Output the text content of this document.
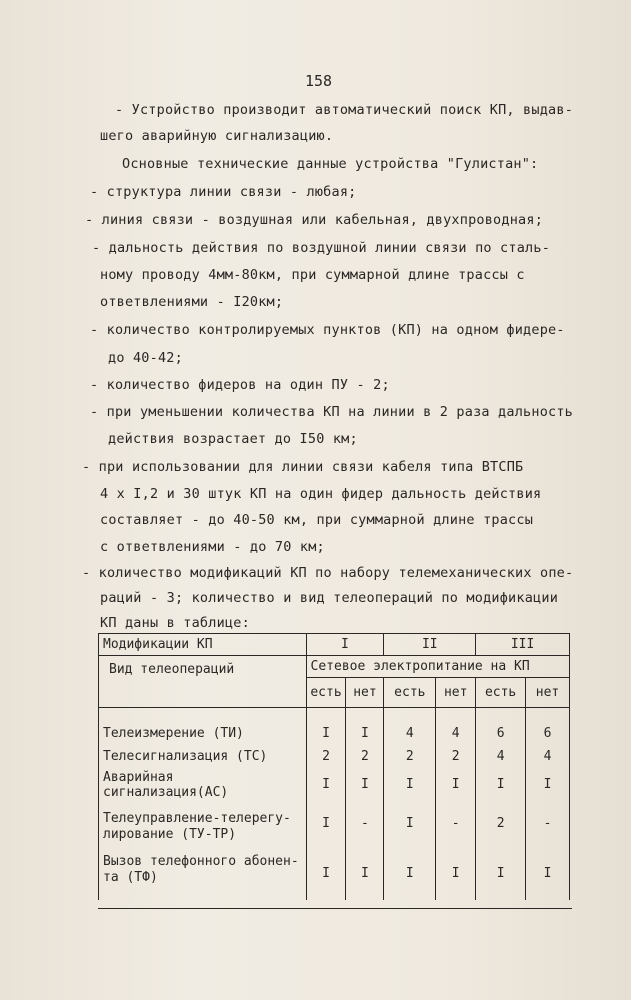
158
- Устройство производит автоматический поиск КП, выдав-
шего аварийную сигнализацию.
Основные технические данные устройства "Гулистан":
- структура линии связи - любая;
- линия связи - воздушная или кабельная, двухпроводная;
- дальность действия по воздушной линии связи по сталь-
ному проводу 4мм-80км, при суммарной длине трассы с
ответвлениями - I20км;
- количество контролируемых пунктов (КП) на одном фидере-
до 40-42;
- количество фидеров на один ПУ - 2;
- при уменьшении количества КП на линии в 2 раза дальность
действия возрастает до I50 км;
- при использовании для линии связи кабеля типа ВТСПБ
4 х I,2 и 30 штук КП на один фидер дальность действия
составляет - до 40-50 км, при суммарной длине трассы
с ответвлениями - до 70 км;
- количество модификаций КП по набору телемеханических опе-
раций - 3; количество и вид телеопераций по модификации
КП даны в таблице:
Модификации КП	I		II		III	
Вид телеопераций	Сетевое электропитание на КП					
	есть	нет	есть	нет	есть	нет
Телеизмерение (ТИ)	I	I	4	4	6	6
Телесигнализация (ТС)	2	2	2	2	4	4
Аварийная сигнализация(АС)	I	I	I	I	I	I
Телеуправление-телерегу-
лирование (ТУ-ТР)	I	-	I	-	2	-
Вызов телефонного абонен-
та (ТФ)	I	I	I	I	I	I
